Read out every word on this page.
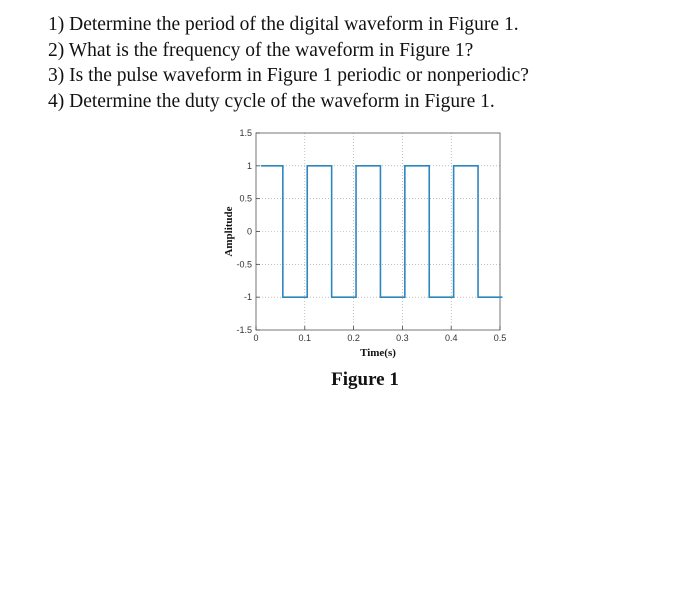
1) Determine the period of the digital waveform in Figure 1.
2) What is the frequency of the waveform in Figure 1?
3) Is the pulse waveform in Figure 1 periodic or nonperiodic?
4) Determine the duty cycle of the waveform in Figure 1.
0	0.1	0.2	0.3	0.4	0.5
1.5
1
0.5
0
-0.5
-1
-1.5
Time(s)
Amplitude
Figure 1
